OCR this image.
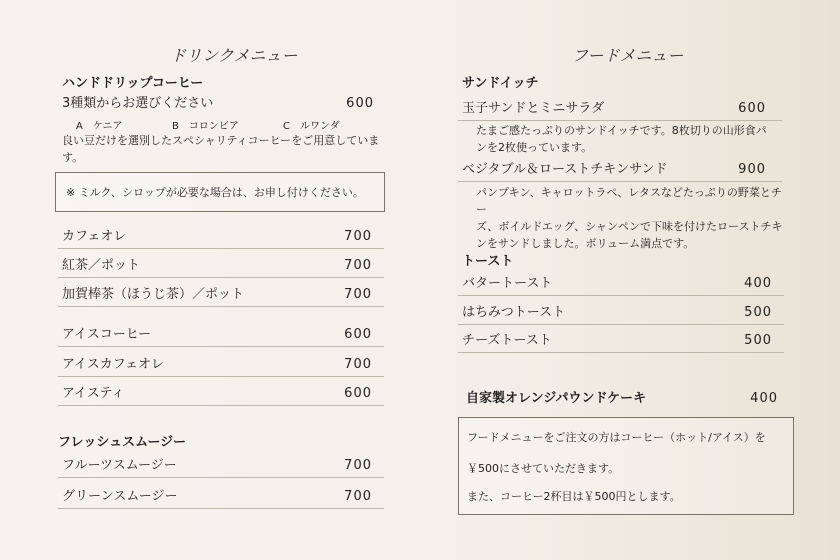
ドリンクメニュー
ハンドドリップコーヒー
3種類からお選びください	600
A　ケニア	B　コロンビア	C　ルワンダ
良い豆だけを選別したスペシャリティコーヒーをご用意しています。
※ ミルク、シロップが必要な場合は、お申し付けください。
カフェオレ	700
紅茶／ポット	700
加賀棒茶（ほうじ茶）／ポット	700
アイスコーヒー	600
アイスカフェオレ	700
アイスティ	600
フレッシュスムージー
フルーツスムージー	700
グリーンスムージー	700
フードメニュー
サンドイッチ
玉子サンドとミニサラダ	600
たまご感たっぷりのサンドイッチです。8枚切りの山形食パ
ンを2枚使っています。
ベジタブル＆ローストチキンサンド	900
パンプキン、キャロットラペ、レタスなどたっぷりの野菜とチー
ズ、ボイルドエッグ、シャンペンで下味を付けたローストチキ
ンをサンドしました。ボリューム満点です。
トースト
バタートースト	400
はちみつトースト	500
チーズトースト	500
自家製オレンジパウンドケーキ	400
フードメニューをご注文の方はコーヒー（ホット/アイス）を
￥500にさせていただきます。
また、コーヒー2杯目は￥500円とします。
